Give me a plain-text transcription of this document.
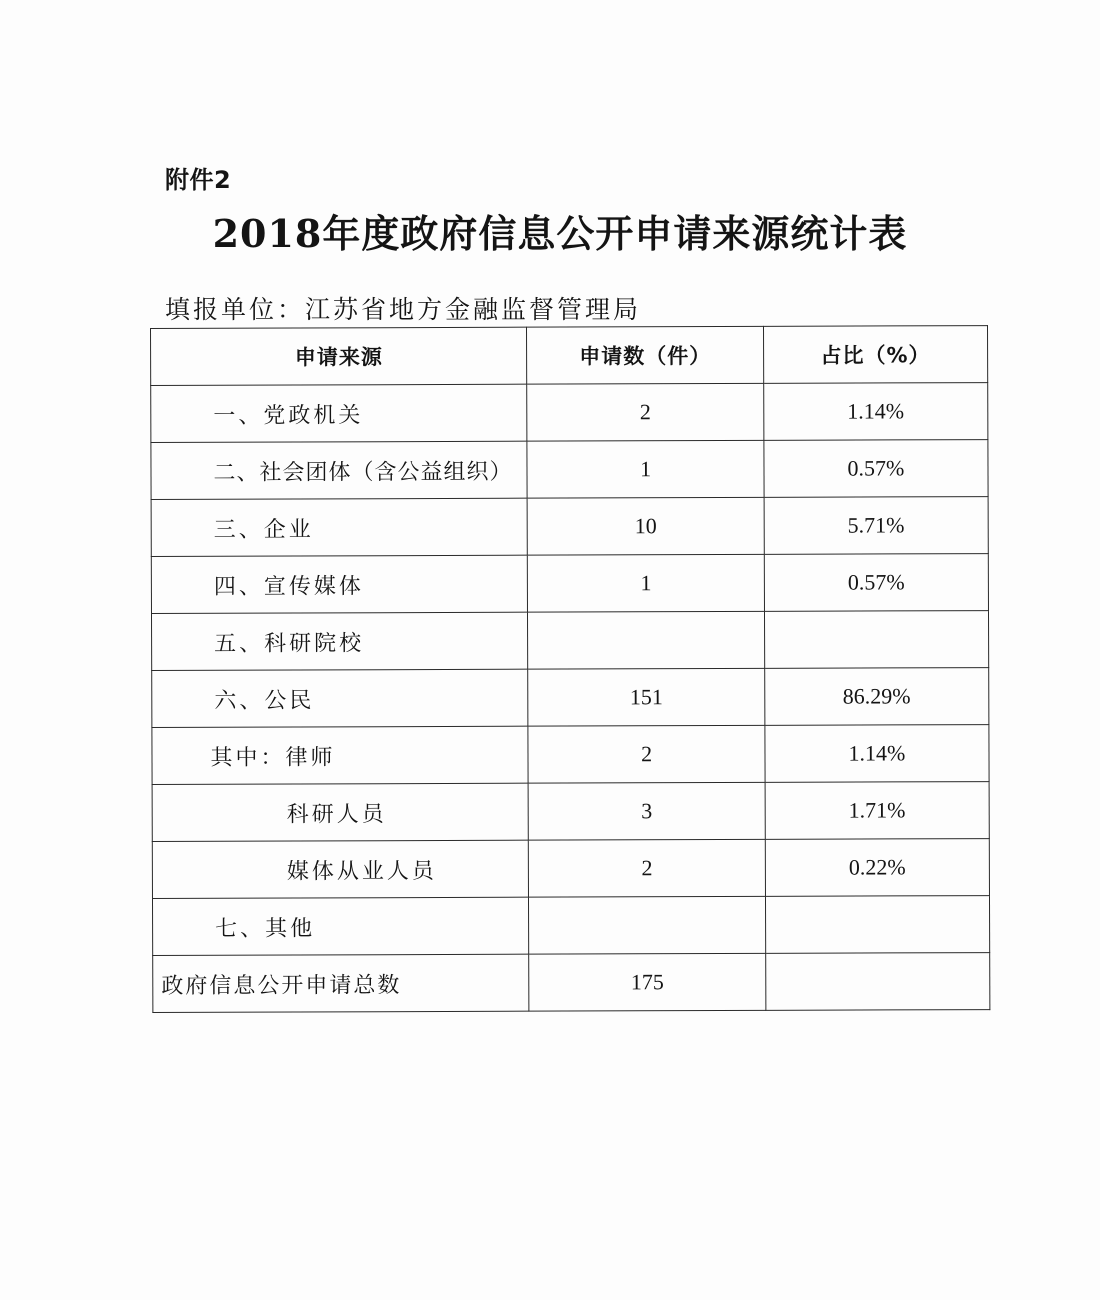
附件2
2018年度政府信息公开申请来源统计表
填报单位：江苏省地方金融监督管理局
申请来源	申请数（件）	占比（%）
一、党政机关	2	1.14%
二、社会团体（含公益组织）	1	0.57%
三、企业	10	5.71%
四、宣传媒体	1	0.57%
五、科研院校		
六、公民	151	86.29%
其中：律师	2	1.14%
科研人员	3	1.71%
媒体从业人员	2	0.22%
七、其他		
政府信息公开申请总数	175	
